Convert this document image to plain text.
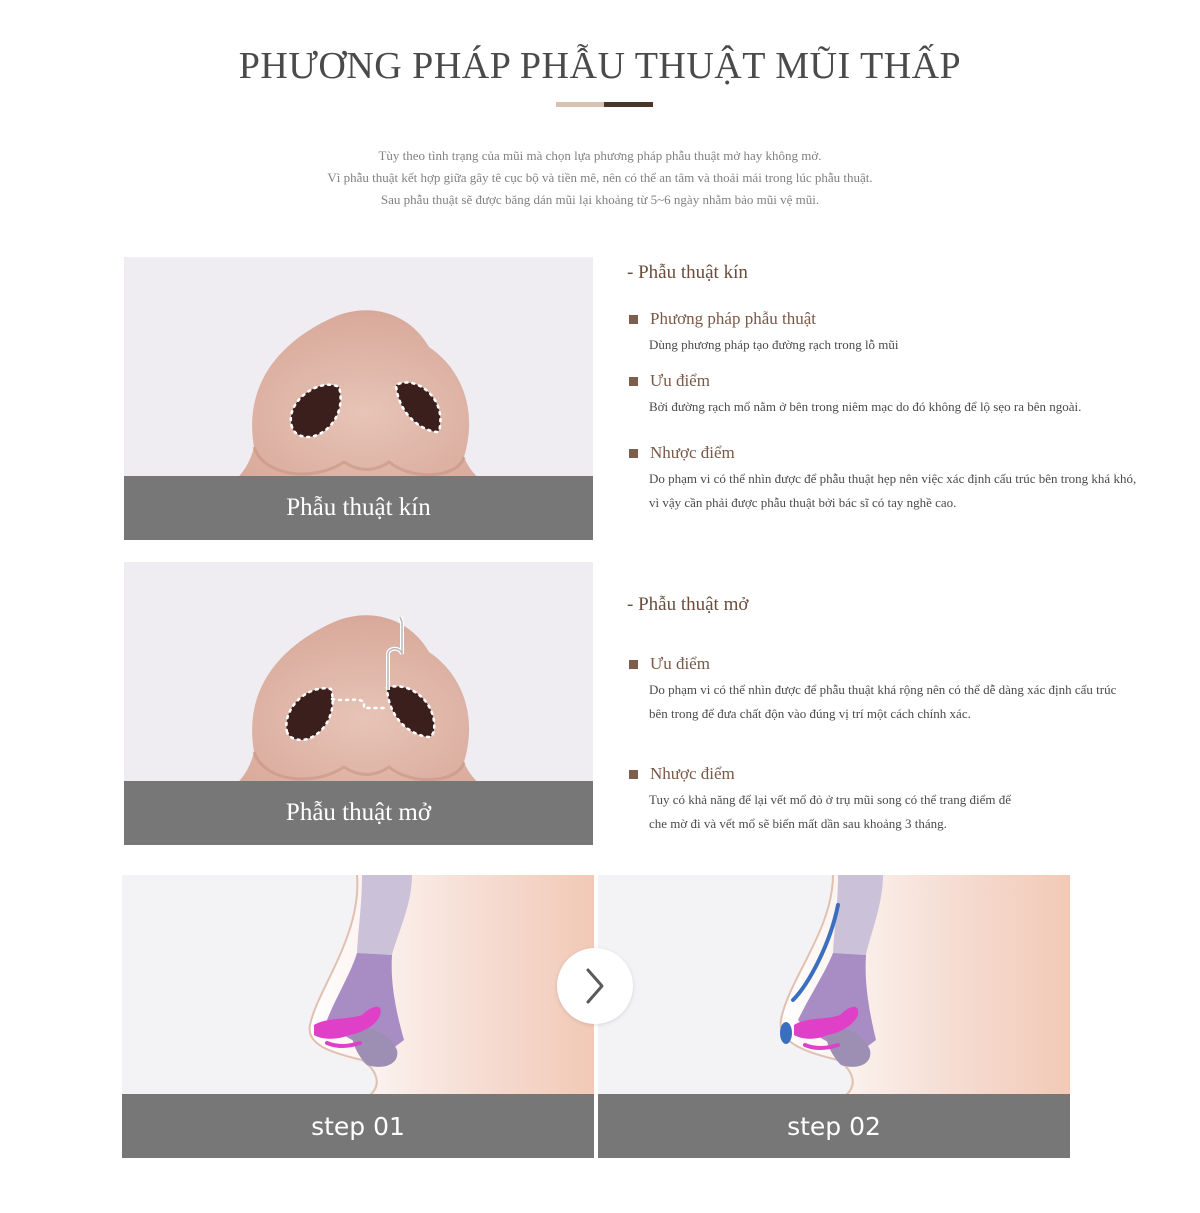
PHƯƠNG PHÁP PHẪU THUẬT MŨI THẤP

Tùy theo tình trạng của mũi mà chọn lựa phương pháp phẫu thuật mở hay không mở.

Vì phẫu thuật kết hợp giữa gây tê cục bộ và tiền mê, nên có thể an tâm và thoải mái trong lúc phẫu thuật.

Sau phẫu thuật sẽ được băng dán mũi lại khoảng từ 5~6 ngày nhằm bảo mũi vệ mũi.

Phẫu thuật kín
- Phẫu thuật kín
Phương pháp phẫu thuật

Dùng phương pháp tạo đường rạch trong lỗ mũi

Ưu điểm

Bởi đường rạch mổ nằm ở bên trong niêm mạc do đó không để lộ sẹo ra bên ngoài.

Nhược điểm

Do phạm vi có thể nhìn được để phẫu thuật hẹp nên việc xác định cấu trúc bên trong khá khó,

vì vậy cần phải được phẫu thuật bởi bác sĩ có tay nghề cao.

Phẫu thuật mở
- Phẫu thuật mở
Ưu điểm

Do phạm vi có thể nhìn được để phẫu thuật khá rộng nên có thể dễ dàng xác định cấu trúc

bên trong để đưa chất độn vào đúng vị trí một cách chính xác.

Nhược điểm

Tuy có khả năng để lại vết mổ đỏ ở trụ mũi song có thể trang điểm để

che mờ đi và vết mổ sẽ biến mất dần sau khoảng 3 tháng.

step 01	step 02
